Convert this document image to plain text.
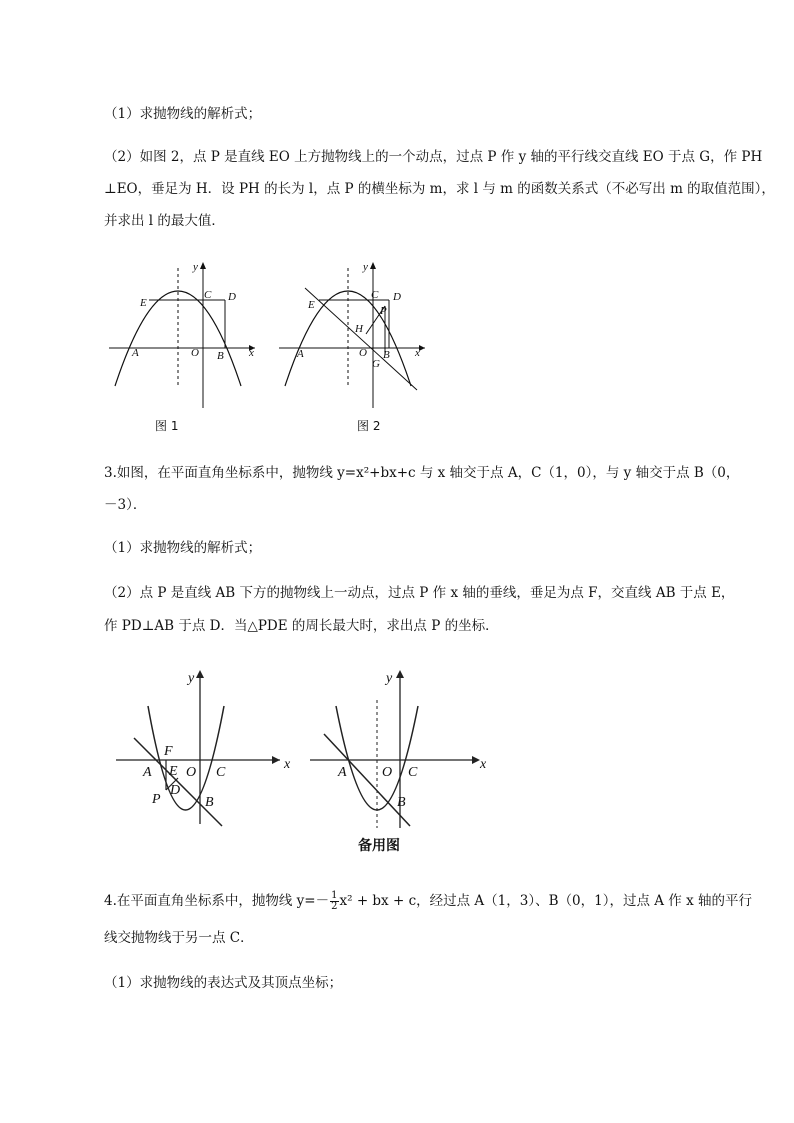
（1）求抛物线的解析式；
（2）如图 2，点 P 是直线 EO 上方抛物线上的一个动点，过点 P 作 y 轴的平行线交直线 EO 于点 G，作 PH
⊥EO，垂足为 H．设 PH 的长为 l，点 P 的横坐标为 m，求 l 与 m 的函数关系式（不必写出 m 的取值范围），
并求出 l 的最大值．
y
E
C D
A	O B x
图 1
y
E
C D
H
P
A	O B
G
x
图 2
3.如图，在平面直角坐标系中，抛物线 y=x²+bx+c 与 x 轴交于点 A，C（1，0），与 y 轴交于点 B（0，
－3）．
（1）求抛物线的解析式；
（2）点 P 是直线 AB 下方的抛物线上一动点，过点 P 作 x 轴的垂线，垂足为点 F，交直线 AB 于点 E，
作 PD⊥AB 于点 D．当△PDE 的周长最大时，求出点 P 的坐标．
y
F
A E O C
x
D
P	B
y
A	O C
x
B
备用图
4.在平面直角坐标系中，抛物线 $y=- \frac{1}{2} x^2$ + bx + c，经过点 A（1，3）、B（0，1），过点 A 作 x 轴的平行
线交抛物线于另一点 C．
（1）求抛物线的表达式及其顶点坐标；
